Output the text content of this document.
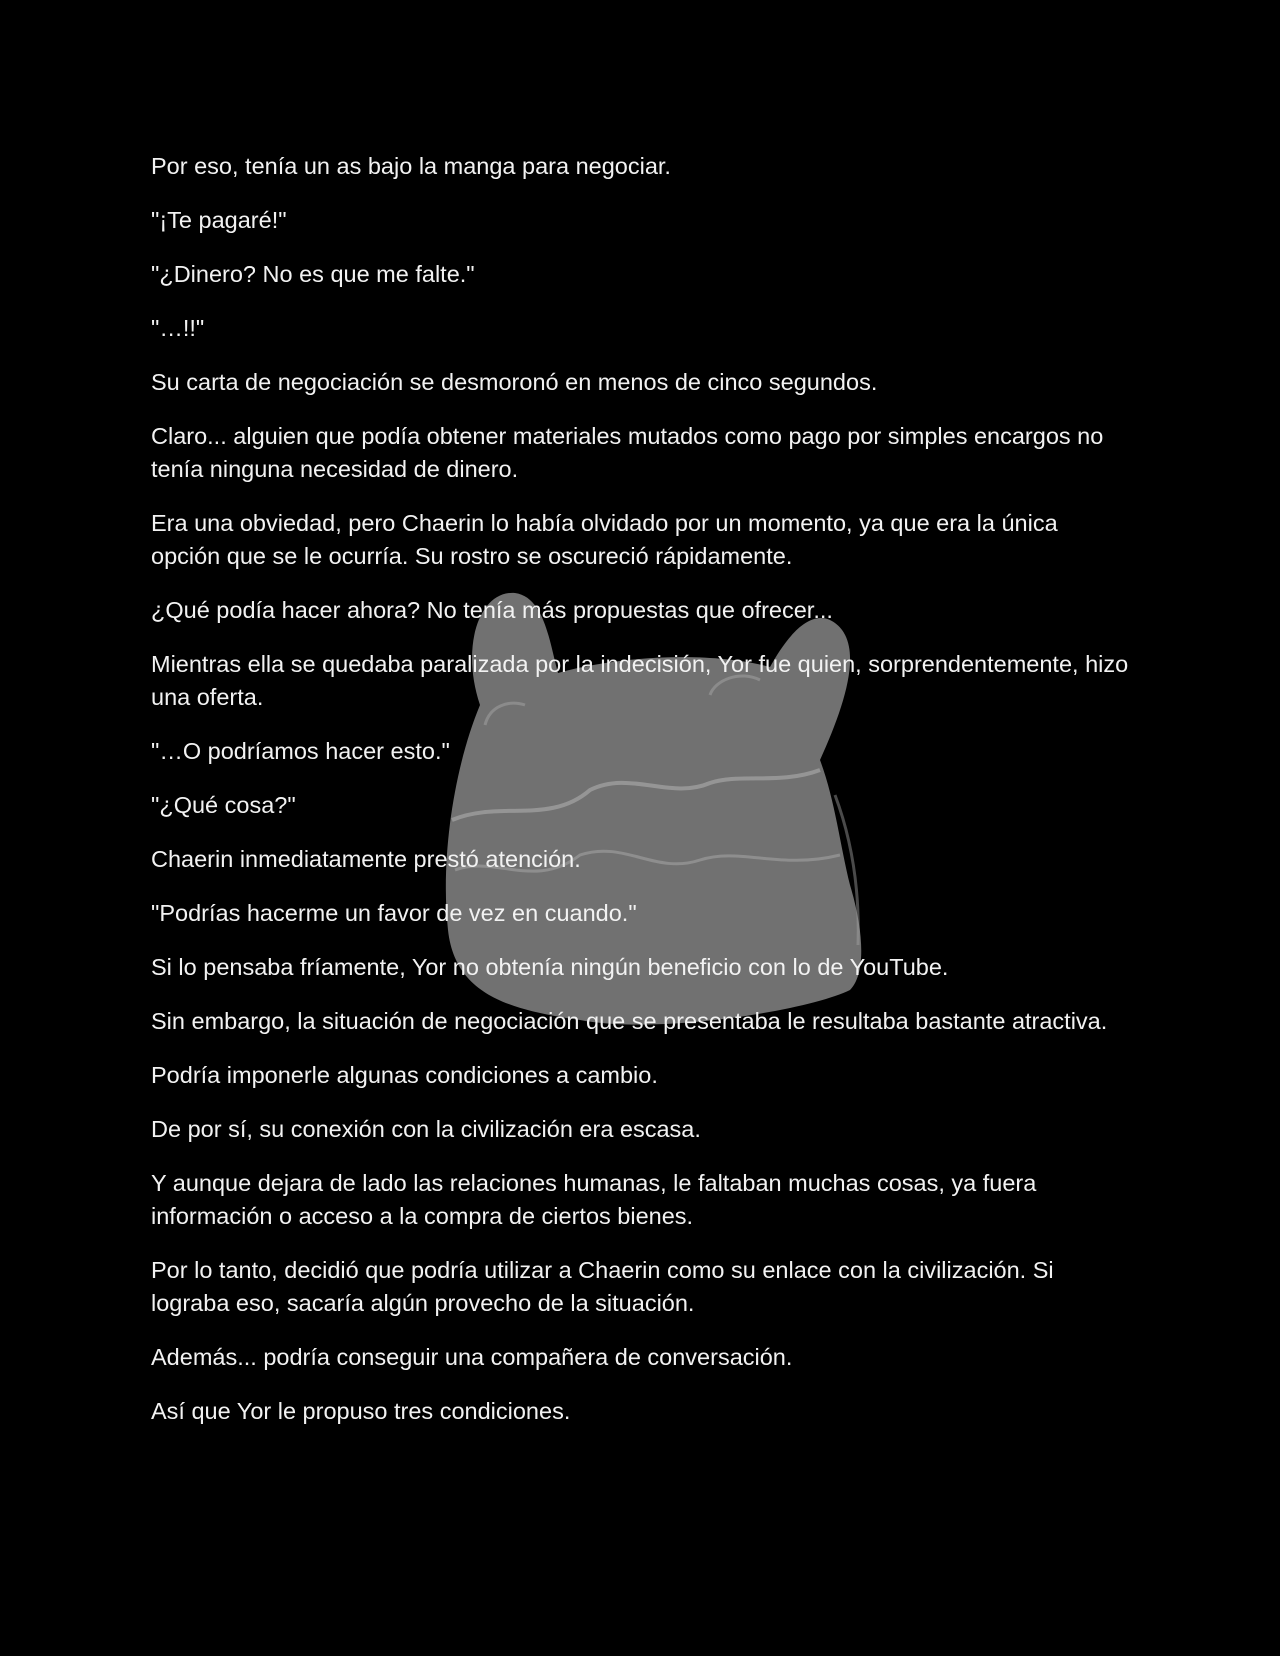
Por eso, tenía un as bajo la manga para negociar.

"¡Te pagaré!"

"¿Dinero? No es que me falte."

"…!!"

Su carta de negociación se desmoronó en menos de cinco segundos.

Claro... alguien que podía obtener materiales mutados como pago por simples encargos no tenía ninguna necesidad de dinero.

Era una obviedad, pero Chaerin lo había olvidado por un momento, ya que era la única opción que se le ocurría. Su rostro se oscureció rápidamente.

¿Qué podía hacer ahora? No tenía más propuestas que ofrecer...

Mientras ella se quedaba paralizada por la indecisión, Yor fue quien, sorprendentemente, hizo una oferta.

"…O podríamos hacer esto."

"¿Qué cosa?"

Chaerin inmediatamente prestó atención.

"Podrías hacerme un favor de vez en cuando."

Si lo pensaba fríamente, Yor no obtenía ningún beneficio con lo de YouTube.

Sin embargo, la situación de negociación que se presentaba le resultaba bastante atractiva.

Podría imponerle algunas condiciones a cambio.

De por sí, su conexión con la civilización era escasa.

Y aunque dejara de lado las relaciones humanas, le faltaban muchas cosas, ya fuera información o acceso a la compra de ciertos bienes.

Por lo tanto, decidió que podría utilizar a Chaerin como su enlace con la civilización. Si lograba eso, sacaría algún provecho de la situación.

Además... podría conseguir una compañera de conversación.

Así que Yor le propuso tres condiciones.
